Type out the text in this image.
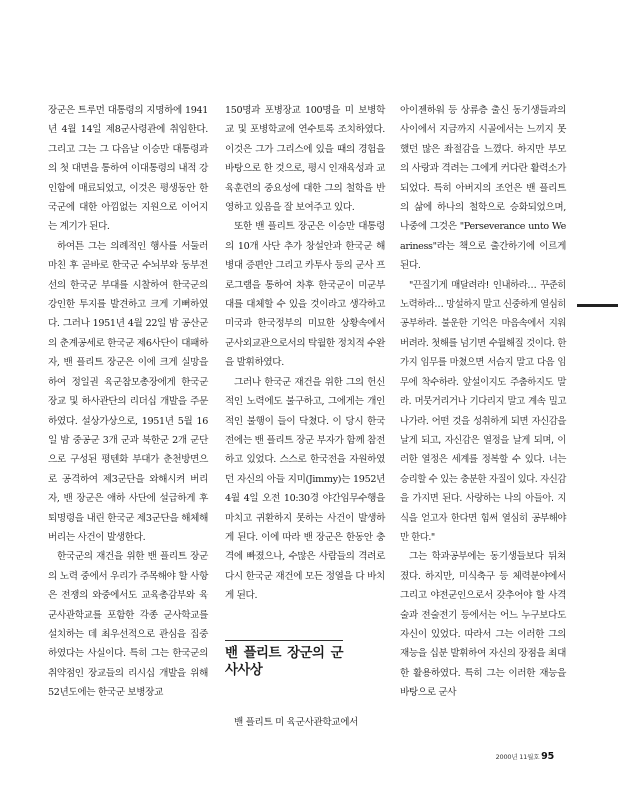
장군은 트루먼 대통령의 지명하에 1941년 4월 14일 제8군사령관에 취임한다. 그리고 그는 그 다음날 이승만 대통령과의 첫 대면을 통하여 이대통령의 내적 강인함에 매료되었고, 이것은 평생동안 한국군에 대한 아낌없는 지원으로 이어지는 계기가 된다.

하여튼 그는 의례적인 행사를 서둘러 마친 후 곧바로 한국군 수뇌부와 동부전선의 한국군 부대를 시찰하여 한국군의 강인한 투지를 발견하고 크게 기뻐하였다. 그러나 1951년 4월 22일 밤 공산군의 춘계공세로 한국군 제6사단이 대패하자, 밴 플리트 장군은 이에 크게 실망을 하여 정일권 육군참모총장에게 한국군 장교 및 하사관단의 리더십 개발을 주문하였다. 설상가상으로, 1951년 5월 16일 밤 중공군 3개 군과 북한군 2개 군단으로 구성된 평텐화 부대가 춘천방면으로 공격하여 제3군단을 와해시켜 버리자, 밴 장군은 애하 사단에 설급하게 후퇴명령을 내린 한국군 제3군단을 해체해 버리는 사건이 발생한다.

한국군의 재건을 위한 밴 플리트 장군의 노력 중에서 우리가 주목해야 할 사항은 전쟁의 와중에서도 교육총감부와 육군사관학교를 포함한 각종 군사학교를 설치하는 데 최우선적으로 관심을 집중하였다는 사실이다. 특히 그는 한국군의 취약점인 장교들의 리시십 개발을 위해 52년도에는 한국군 보병장교

150명과 포병장교 100명을 미 보병학교 및 포병학교에 연수토록 조치하였다. 이것은 그가 그리스에 있을 때의 경험을 바탕으로 한 것으로, 평시 인재육성과 교육훈련의 중요성에 대한 그의 철학을 반영하고 있음을 잘 보여주고 있다.

또한 밴 플리트 장군은 이승만 대통령의 10개 사단 추가 창설안과 한국군 해병대 증편안 그리고 카투사 등의 군사 프로그램을 통하여 차후 한국군이 미군부대를 대체할 수 있을 것이라고 생각하고 미국과 한국정부의 미묘한 상황속에서 군사외교관으로서의 탁월한 정치적 수완을 발휘하였다.

그러나 한국군 재건을 위한 그의 헌신적인 노력에도 불구하고, 그에게는 개인적인 불행이 들이 닥쳤다. 이 당시 한국전에는 밴 플리트 장군 부자가 함께 참전하고 있었다. 스스로 한국전을 자원하였던 자신의 아들 지미(Jimmy)는 1952년 4월 4일 오전 10:30경 야간임무수행을 마치고 귀환하지 못하는 사건이 발생하게 된다. 이에 따라 밴 장군은 한동안 충격에 빠졌으나, 수많은 사람들의 격려로 다시 한국군 재건에 모든 정열을 다 바치게 된다.

밴 플리트 장군의 군사사상

밴 플리트 미 육군사관학교에서

아이젠하워 등 상류층 출신 동기생들과의 사이에서 지금까지 시골에서는 느끼지 못했던 많은 좌절감을 느꼈다. 하지만 부모의 사랑과 격려는 그에게 커다란 활력소가 되었다. 특히 아버지의 조언은 밴 플리트의 삶에 하나의 철학으로 승화되었으며, 나중에 그것은 "Perseverance unto Weariness"라는 책으로 출간하기에 이르게 된다.

"끈질기게 매달려라! 인내하라… 꾸준히 노력하라… 망설하지 말고 신중하게 열심히 공부하라. 불운한 기억은 마음속에서 지워 버려라. 첫해를 넘기면 수월해질 것이다. 한 가지 임무를 마쳤으면 서슴지 말고 다음 임무에 착수하라. 앞설이지도 주춤하지도 말라. 머뭇거리거나 기다리지 말고 계속 밀고 나가라. 어떤 것을 성취하게 되면 자신감을 날게 되고, 자신감은 열정을 날게 되며, 이러한 열정은 세계를 정복할 수 있다. 너는 승리할 수 있는 충분한 자질이 있다. 자신감을 가지면 된다. 사랑하는 나의 아들아. 지식을 얻고자 한다면 힘써 열심히 공부해야만 한다."

그는 학과공부에는 동기생들보다 뒤쳐졌다. 하지만, 미식축구 등 체력분야에서 그리고 야전군인으로서 갖추어야 할 사격술과 전술전기 등에서는 어느 누구보다도 자신이 있었다. 따라서 그는 이러한 그의 재능을 십분 발휘하여 자신의 장점을 최대한 활용하였다. 특히 그는 이러한 재능을 바탕으로 군사

2000년 11월호 95
